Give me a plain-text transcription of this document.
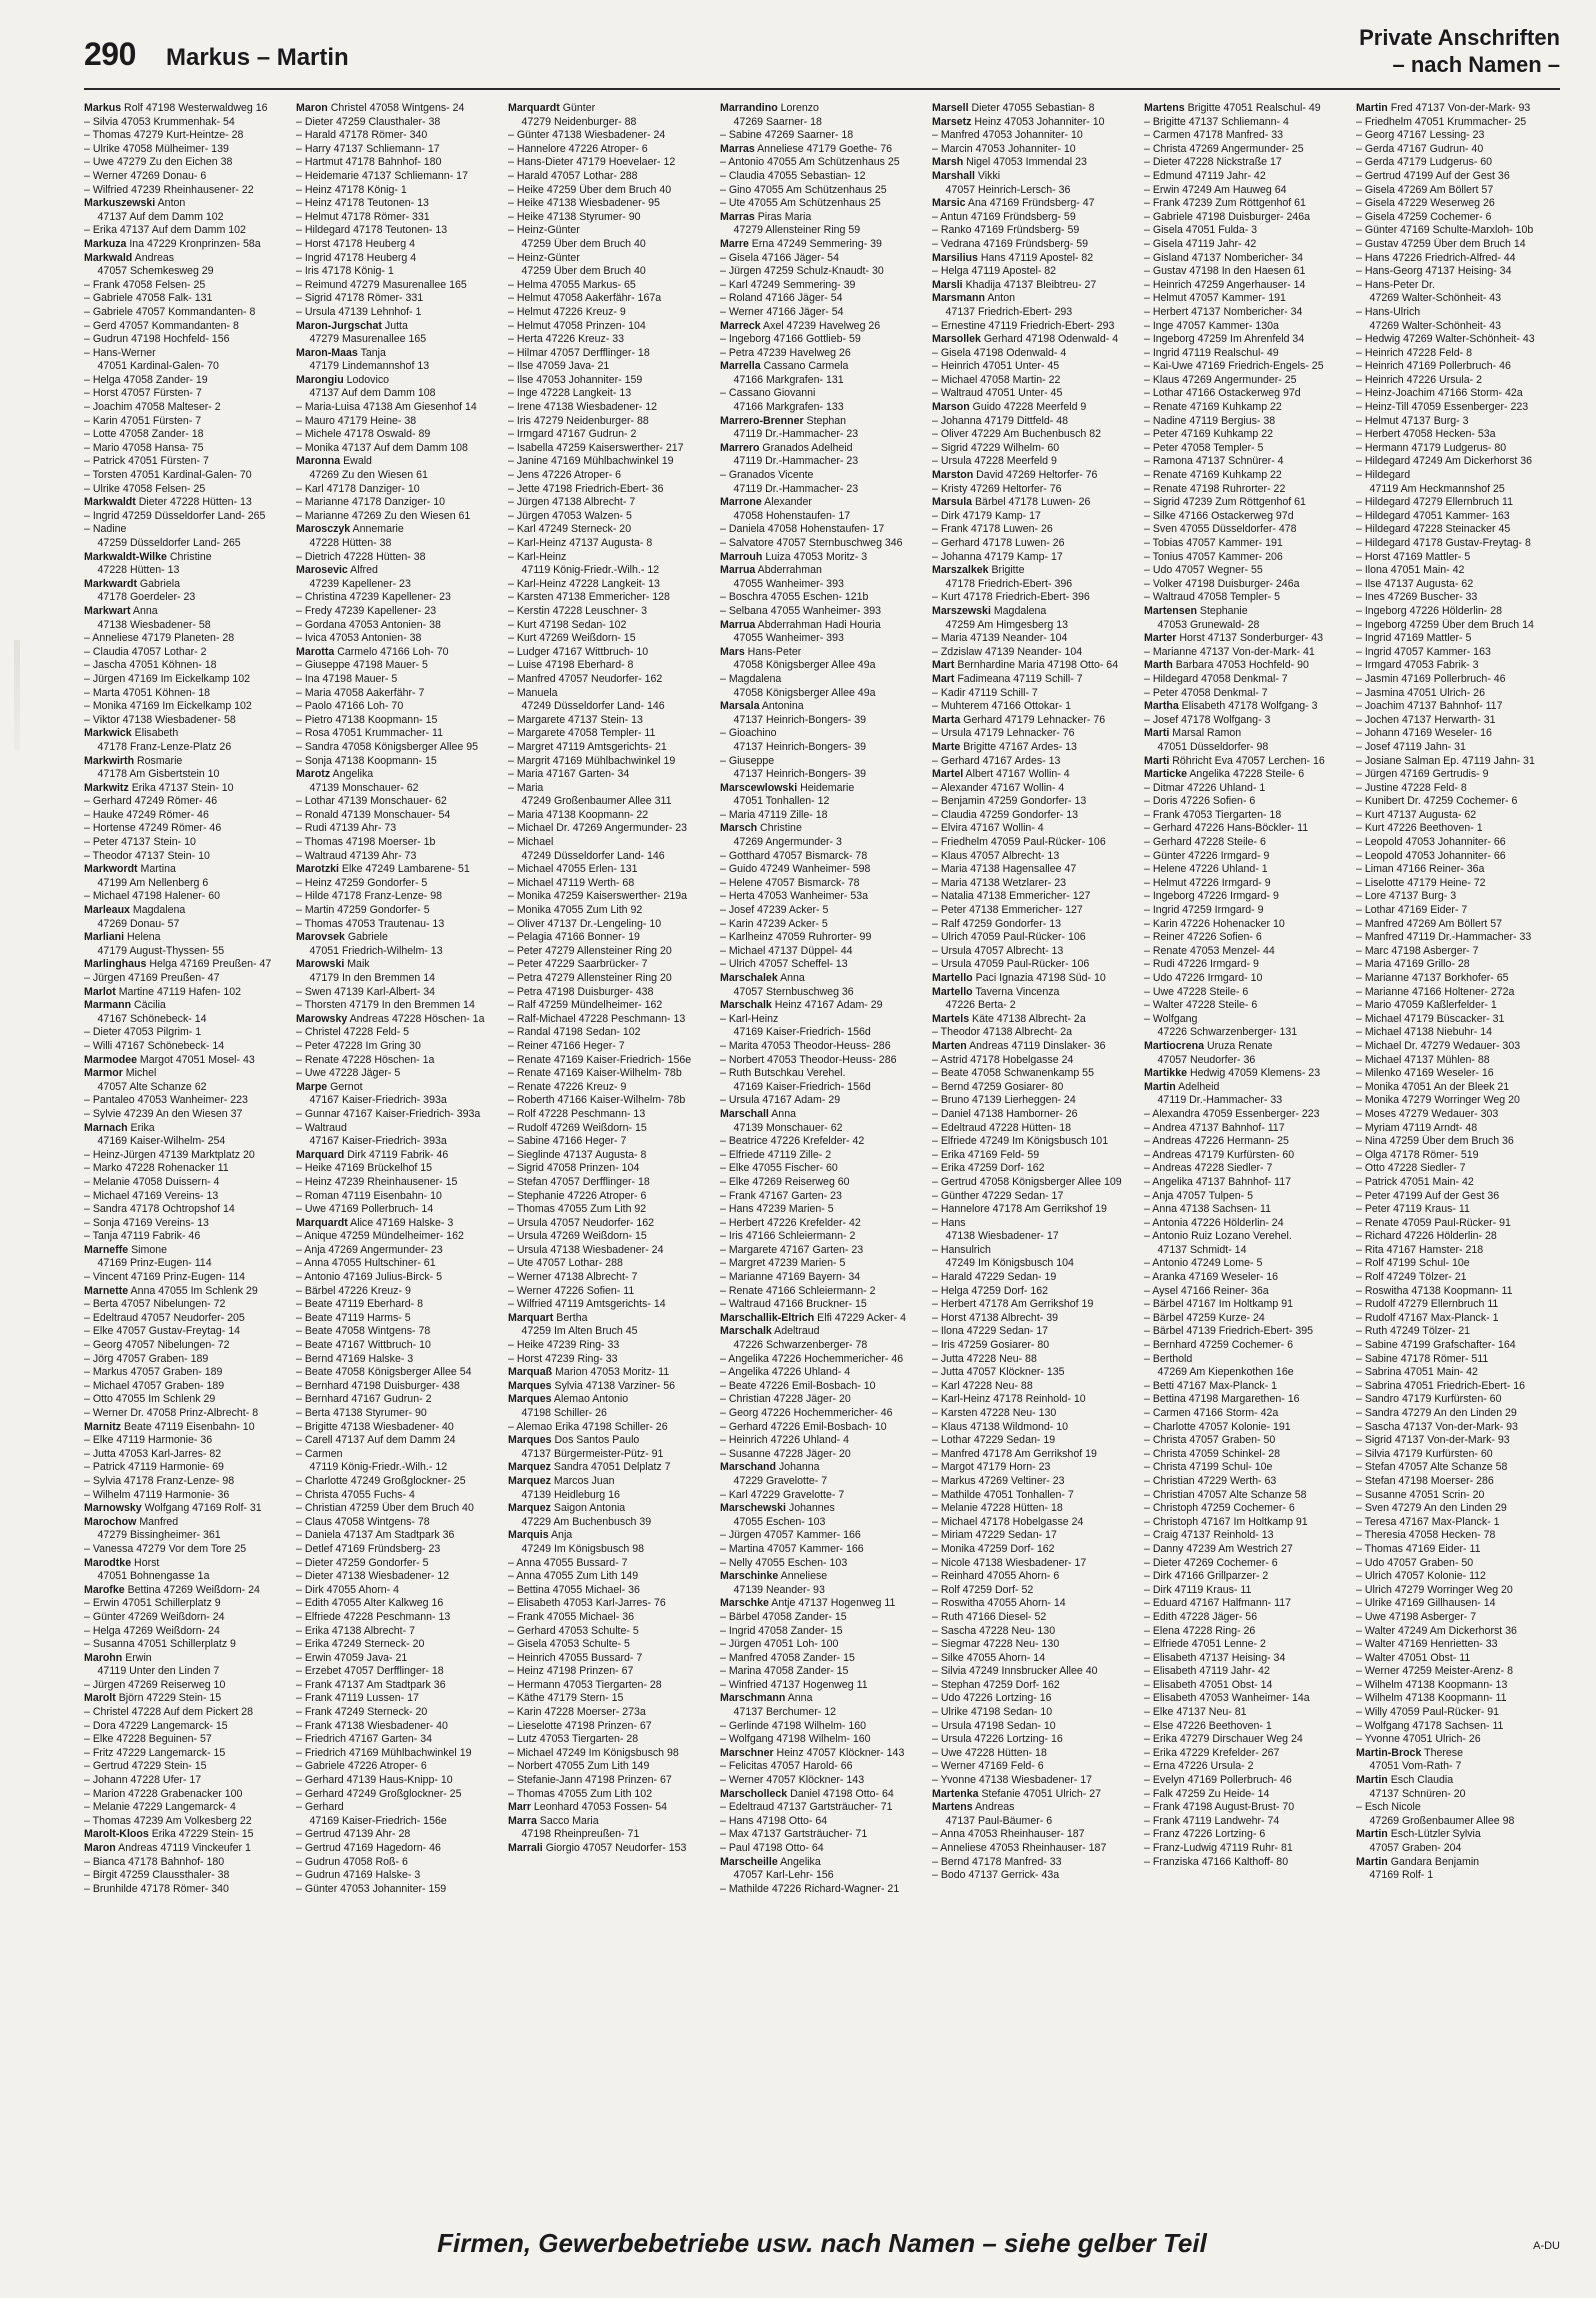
290 Markus – Martin
Private Anschriften
– nach Namen –
Markus Rolf 47198 Westerwaldweg 16
– Silvia 47053 Krummenhak- 54
– Thomas 47279 Kurt-Heintze- 28
– Ulrike 47058 Mülheimer- 139
– Uwe 47279 Zu den Eichen 38
– Werner 47269 Donau- 6
– Wilfried 47239 Rheinhausener- 22
Markuszewski Anton
  47137 Auf dem Damm 102
– Erika 47137 Auf dem Damm 102
Markuza Ina 47229 Kronprinzen- 58a
Markwald Andreas
  47057 Schemkesweg 29
– Frank 47058 Felsen- 25
– Gabriele 47058 Falk- 131
– Gabriele 47057 Kommandanten- 8
– Gerd 47057 Kommandanten- 8
– Gudrun 47198 Hochfeld- 156
– Hans-Werner
  47051 Kardinal-Galen- 70
– Helga 47058 Zander- 19
– Horst 47057 Fürsten- 7
– Joachim 47058 Malteser- 2
– Karin 47051 Fürsten- 7
– Lotte 47058 Zander- 18
– Mario 47058 Hansa- 75
– Patrick 47051 Fürsten- 7
– Torsten 47051 Kardinal-Galen- 70
– Ulrike 47058 Felsen- 25
Markwaldt Dieter 47228 Hütten- 13
– Ingrid 47259 Düsseldorfer Land- 265
– Nadine
  47259 Düsseldorfer Land- 265
Markwaldt-Wilke Christine
  47228 Hütten- 13
Markwardt Gabriela
  47178 Goerdeler- 23
Markwart Anna
  47138 Wiesbadener- 58
– Anneliese 47179 Planeten- 28
– Claudia 47057 Lothar- 2
– Jascha 47051 Köhnen- 18
– Jürgen 47169 Im Eickelkamp 102
– Marta 47051 Köhnen- 18
– Monika 47169 Im Eickelkamp 102
– Viktor 47138 Wiesbadener- 58
Markwick Elisabeth
  47178 Franz-Lenze-Platz 26
Markwirth Rosmarie
  47178 Am Gisbertstein 10
Markwitz Erika 47137 Stein- 10
– Gerhard 47249 Römer- 46
– Hauke 47249 Römer- 46
– Hortense 47249 Römer- 46
– Peter 47137 Stein- 10
– Theodor 47137 Stein- 10
Markwordt Martina
  47199 Am Nellenberg 6
– Michael 47198 Halener- 60
Marleaux Magdalena
  47269 Donau- 57
Marliani Helena
  47179 August-Thyssen- 55
Marlinghaus Helga 47169 Preußen- 47
– Jürgen 47169 Preußen- 47
Marlot Martine 47119 Hafen- 102
Marmann Cäcilia
  47167 Schönebeck- 14
– Dieter 47053 Pilgrim- 1
– Willi 47167 Schönebeck- 14
Marmodee Margot 47051 Mosel- 43
Marmor Michel
  47057 Alte Schanze 62
– Pantaleo 47053 Wanheimer- 223
– Sylvie 47239 An den Wiesen 37
Marnach Erika
  47169 Kaiser-Wilhelm- 254
– Heinz-Jürgen 47139 Marktplatz 20
– Marko 47228 Rohenacker 11
– Melanie 47058 Duissern- 4
– Michael 47169 Vereins- 13
– Sandra 47178 Ochtropshof 14
– Sonja 47169 Vereins- 13
– Tanja 47119 Fabrik- 46
Marneffe Simone
  47169 Prinz-Eugen- 114
– Vincent 47169 Prinz-Eugen- 114
Marnette Anna 47055 Im Schlenk 29
– Berta 47057 Nibelungen- 72
– Edeltraud 47057 Neudorfer- 205
– Elke 47057 Gustav-Freytag- 14
– Georg 47057 Nibelungen- 72
– Jörg 47057 Graben- 189
– Markus 47057 Graben- 189
– Michael 47057 Graben- 189
– Otto 47055 Im Schlenk 29
– Werner Dr. 47058 Prinz-Albrecht- 8
Marnitz Beate 47119 Eisenbahn- 10
– Elke 47119 Harmonie- 36
– Jutta 47053 Karl-Jarres- 82
– Patrick 47119 Harmonie- 69
– Sylvia 47178 Franz-Lenze- 98
– Wilhelm 47119 Harmonie- 36
Marnowsky Wolfgang 47169 Rolf- 31
Marochow Manfred
  47279 Bissingheimer- 361
– Vanessa 47279 Vor dem Tore 25
Marodtke Horst
  47051 Bohnengasse 1a
Marofke Bettina 47269 Weißdorn- 24
– Erwin 47051 Schillerplatz 9
– Günter 47269 Weißdorn- 24
– Helga 47269 Weißdorn- 24
– Susanna 47051 Schillerplatz 9
Marohn Erwin
  47119 Unter den Linden 7
– Jürgen 47269 Reiserweg 10
Marolt Björn 47229 Stein- 15
– Christel 47228 Auf dem Pickert 28
– Dora 47229 Langemarck- 15
– Elke 47228 Beguinen- 57
– Fritz 47229 Langemarck- 15
– Gertrud 47229 Stein- 15
– Johann 47228 Ufer- 17
– Marion 47228 Grabenacker 100
– Melanie 47229 Langemarck- 4
– Thomas 47239 Am Volkesberg 22
Marolt-Kloos Erika 47229 Stein- 15
Maron Andreas 47119 Vinckeufer 1
– Bianca 47178 Bahnhof- 180
– Birgit 47259 Claussthaler- 38
– Brunhilde 47178 Römer- 340
Maron Christel 47058 Wintgens- 24
– Dieter 47259 Clausthaler- 38
– Harald 47178 Römer- 340
– Harry 47137 Schliemann- 17
– Hartmut 47178 Bahnhof- 180
– Heidemarie 47137 Schliemann- 17
– Heinz 47178 König- 1
– Heinz 47178 Teutonen- 13
– Helmut 47178 Römer- 331
– Hildegard 47178 Teutonen- 13
– Horst 47178 Heuberg 4
– Ingrid 47178 Heuberg 4
– Iris 47178 König- 1
– Reimund 47279 Masurenallee 165
– Sigrid 47178 Römer- 331
– Ursula 47139 Lehnhof- 1
Maron-Jurgschat Jutta
  47279 Masurenallee 165
Maron-Maas Tanja
  47179 Lindemannshof 13
Marongiu Lodovico
  47137 Auf dem Damm 108
– Maria-Luisa 47138 Am Giesenhof 14
– Mauro 47179 Heine- 38
– Michele 47178 Oswald- 89
– Monika 47137 Auf dem Damm 108
Maronna Ewald
  47269 Zu den Wiesen 61
– Karl 47178 Danziger- 10
– Marianne 47178 Danziger- 10
– Marianne 47269 Zu den Wiesen 61
Marosczyk Annemarie
  47228 Hütten- 38
– Dietrich 47228 Hütten- 38
Marosevic Alfred
  47239 Kapellener- 23
– Christina 47239 Kapellener- 23
– Fredy 47239 Kapellener- 23
– Gordana 47053 Antonien- 38
– Ivica 47053 Antonien- 38
Marotta Carmelo 47166 Loh- 70
– Giuseppe 47198 Mauer- 5
– Ina 47198 Mauer- 5
– Maria 47058 Aakerfähr- 7
– Paolo 47166 Loh- 70
– Pietro 47138 Koopmann- 15
– Rosa 47051 Krummacher- 11
– Sandra 47058 Königsberger Allee 95
– Sonja 47138 Koopmann- 15
Marotz Angelika
  47139 Monschauer- 62
– Lothar 47139 Monschauer- 62
– Ronald 47139 Monschauer- 54
– Rudi 47139 Ahr- 73
– Thomas 47198 Moerser- 1b
– Waltraud 47139 Ahr- 73
Marotzki Elke 47249 Lambarene- 51
– Heinz 47259 Gondorfer- 5
– Hilde 47178 Franz-Lenze- 98
– Martin 47259 Gondorfer- 5
– Thomas 47053 Trautenau- 13
Marovsek Gabriele
  47051 Friedrich-Wilhelm- 13
Marowski Maik
  47179 In den Bremmen 14
– Swen 47139 Karl-Albert- 34
– Thorsten 47179 In den Bremmen 14
Marowsky Andreas 47228 Höschen- 1a
– Christel 47228 Feld- 5
– Peter 47228 Im Gring 30
– Renate 47228 Höschen- 1a
– Uwe 47228 Jäger- 5
Marpe Gernot
  47167 Kaiser-Friedrich- 393a
– Gunnar 47167 Kaiser-Friedrich- 393a
– Waltraud
  47167 Kaiser-Friedrich- 393a
Marquard Dirk 47119 Fabrik- 46
– Heike 47169 Brückelhof 15
– Heinz 47239 Rheinhausener- 15
– Roman 47119 Eisenbahn- 10
– Uwe 47169 Pollerbruch- 14
Marquardt Alice 47169 Halske- 3
– Anique 47259 Mündelheimer- 162
– Anja 47269 Angermunder- 23
– Anna 47055 Hultschiner- 61
– Antonio 47169 Julius-Birck- 5
– Bärbel 47226 Kreuz- 9
– Beate 47119 Eberhard- 8
– Beate 47119 Harms- 5
– Beate 47058 Wintgens- 78
– Beate 47167 Wittbruch- 10
– Bernd 47169 Halske- 3
– Beate 47058 Königsberger Allee 54
– Bernhard 47198 Duisburger- 438
– Bernhard 47167 Gudrun- 2
– Berta 47138 Styrumer- 90
– Brigitte 47138 Wiesbadener- 40
– Carell 47137 Auf dem Damm 24
– Carmen
  47119 König-Friedr.-Wilh.- 12
– Charlotte 47249 Großglockner- 25
– Christa 47055 Fuchs- 4
– Christian 47259 Über dem Bruch 40
– Claus 47058 Wintgens- 78
– Daniela 47137 Am Stadtpark 36
– Detlef 47169 Fründsberg- 23
– Dieter 47259 Gondorfer- 5
– Dieter 47138 Wiesbadener- 12
– Dirk 47055 Ahorn- 4
– Edith 47055 Alter Kalkweg 16
– Elfriede 47228 Peschmann- 13
– Erika 47138 Albrecht- 7
– Erika 47249 Sterneck- 20
– Erwin 47059 Java- 21
– Erzebet 47057 Derfflinger- 18
– Frank 47137 Am Stadtpark 36
– Frank 47119 Lussen- 17
– Frank 47249 Sterneck- 20
– Frank 47138 Wiesbadener- 40
– Friedrich 47167 Garten- 34
– Friedrich 47169 Mühlbachwinkel 19
– Gabriele 47226 Atroper- 6
– Gerhard 47139 Haus-Knipp- 10
– Gerhard 47249 Großglockner- 25
– Gerhard
  47169 Kaiser-Friedrich- 156e
– Gertrud 47139 Ahr- 28
– Gertrud 47169 Hagedorn- 46
– Gudrun 47058 Roß- 6
– Gudrun 47169 Halske- 3
– Günter 47053 Johanniter- 159
Marquardt Günter
  47279 Neidenburger- 88
– Günter 47138 Wiesbadener- 24
– Hannelore 47226 Atroper- 6
– Hans-Dieter 47179 Hoevelaer- 12
– Harald 47057 Lothar- 288
– Heike 47259 Über dem Bruch 40
– Heike 47138 Wiesbadener- 95
– Heike 47138 Styrumer- 90
– Heinz-Günter
  47259 Über dem Bruch 40
– Heinz-Günter
  47259 Über dem Bruch 40
– Helma 47055 Markus- 65
– Helmut 47058 Aakerfähr- 167a
– Helmut 47226 Kreuz- 9
– Helmut 47058 Prinzen- 104
– Herta 47226 Kreuz- 33
– Hilmar 47057 Derfflinger- 18
– Ilse 47059 Java- 21
– Ilse 47053 Johanniter- 159
– Inge 47228 Langkeit- 13
– Irene 47138 Wiesbadener- 12
– Iris 47279 Neidenburger- 88
– Irmgard 47167 Gudrun- 2
– Isabella 47259 Kaiserswerther- 217
– Janine 47169 Mühlbachwinkel 19
– Jens 47226 Atroper- 6
– Jette 47198 Friedrich-Ebert- 36
– Jürgen 47138 Albrecht- 7
– Jürgen 47053 Walzen- 5
– Karl 47249 Sterneck- 20
– Karl-Heinz 47137 Augusta- 8
– Karl-Heinz
  47119 König-Friedr.-Wilh.- 12
– Karl-Heinz 47228 Langkeit- 13
– Karsten 47138 Emmericher- 128
– Kerstin 47228 Leuschner- 3
– Kurt 47198 Sedan- 102
– Kurt 47269 Weißdorn- 15
– Ludger 47167 Wittbruch- 10
– Luise 47198 Eberhard- 8
– Manfred 47057 Neudorfer- 162
– Manuela
  47249 Düsseldorfer Land- 146
– Margarete 47137 Stein- 13
– Margarete 47058 Templer- 11
– Margret 47119 Amtsgerichts- 21
– Margrit 47169 Mühlbachwinkel 19
– Maria 47167 Garten- 34
– Maria
  47249 Großenbaumer Allee 311
– Maria 47138 Koopmann- 22
– Michael Dr. 47269 Angermunder- 23
– Michael
  47249 Düsseldorfer Land- 146
– Michael 47055 Erlen- 131
– Michael 47119 Werth- 68
– Monika 47259 Kaiserswerther- 219a
– Monika 47055 Zum Lith 92
– Oliver 47137 Dr.-Lengeling- 10
– Pelagia 47166 Bonner- 19
– Peter 47279 Allensteiner Ring 20
– Peter 47229 Saarbrücker- 7
– Petra 47279 Allensteiner Ring 20
– Petra 47198 Duisburger- 438
– Ralf 47259 Mündelheimer- 162
– Ralf-Michael 47228 Peschmann- 13
– Randal 47198 Sedan- 102
– Reiner 47166 Heger- 7
– Renate 47169 Kaiser-Friedrich- 156e
– Renate 47169 Kaiser-Wilhelm- 78b
– Renate 47226 Kreuz- 9
– Roberth 47166 Kaiser-Wilhelm- 78b
– Rolf 47228 Peschmann- 13
– Rudolf 47269 Weißdorn- 15
– Sabine 47166 Heger- 7
– Sieglinde 47137 Augusta- 8
– Sigrid 47058 Prinzen- 104
– Stefan 47057 Derfflinger- 18
– Stephanie 47226 Atroper- 6
– Thomas 47055 Zum Lith 92
– Ursula 47057 Neudorfer- 162
– Ursula 47269 Weißdorn- 15
– Ursula 47138 Wiesbadener- 24
– Ute 47057 Lothar- 288
– Werner 47138 Albrecht- 7
– Werner 47226 Sofien- 11
– Wilfried 47119 Amtsgerichts- 14
Marquart Bertha
  47259 Im Alten Bruch 45
– Heike 47239 Ring- 33
– Horst 47239 Ring- 33
Marquaß Marion 47053 Moritz- 11
Marques Sylvia 47138 Varziner- 56
Marques Alemao Antonio
  47198 Schiller- 26
– Alemao Erika 47198 Schiller- 26
Marques Dos Santos Paulo
  47137 Bürgermeister-Pütz- 91
Marquez Sandra 47051 Delplatz 7
Marquez Marcos Juan
  47139 Heidleburg 16
Marquez Saigon Antonia
  47229 Am Buchenbusch 39
Marquis Anja
  47249 Im Königsbusch 98
– Anna 47055 Bussard- 7
– Anna 47055 Zum Lith 149
– Bettina 47055 Michael- 36
– Elisabeth 47053 Karl-Jarres- 76
– Frank 47055 Michael- 36
– Gerhard 47053 Schulte- 5
– Gisela 47053 Schulte- 5
– Heinrich 47055 Bussard- 7
– Heinz 47198 Prinzen- 67
– Hermann 47053 Tiergarten- 28
– Käthe 47179 Stern- 15
– Karin 47228 Moerser- 273a
– Lieselotte 47198 Prinzen- 67
– Lutz 47053 Tiergarten- 28
– Michael 47249 Im Königsbusch 98
– Norbert 47055 Zum Lith 149
– Stefanie-Jann 47198 Prinzen- 67
– Thomas 47055 Zum Lith 102
Marr Leonhard 47053 Fossen- 54
Marra Sacco Maria
  47198 Rheinpreußen- 71
Marrali Giorgio 47057 Neudorfer- 153
Marrandino Lorenzo
  47269 Saarner- 18
– Sabine 47269 Saarner- 18
Marras Anneliese 47179 Goethe- 76
– Antonio 47055 Am Schützenhaus 25
– Claudia 47055 Sebastian- 12
– Gino 47055 Am Schützenhaus 25
– Ute 47055 Am Schützenhaus 25
Marras Piras Maria
  47279 Allensteiner Ring 59
Marre Erna 47249 Semmering- 39
– Gisela 47166 Jäger- 54
– Jürgen 47259 Schulz-Knaudt- 30
– Karl 47249 Semmering- 39
– Roland 47166 Jäger- 54
– Werner 47166 Jäger- 54
Marreck Axel 47239 Havelweg 26
– Ingeborg 47166 Gottlieb- 59
– Petra 47239 Havelweg 26
Marrella Cassano Carmela
  47166 Markgrafen- 131
– Cassano Giovanni
  47166 Markgrafen- 133
Marrero-Brenner Stephan
  47119 Dr.-Hammacher- 23
Marrero Granados Adelheid
  47119 Dr.-Hammacher- 23
– Granados Vicente
  47119 Dr.-Hammacher- 23
Marrone Alexander
  47058 Hohenstaufen- 17
– Daniela 47058 Hohenstaufen- 17
– Salvatore 47057 Sternbuschweg 346
Marrouh Luiza 47053 Moritz- 3
Marrua Abderrahman
  47055 Wanheimer- 393
– Boschra 47055 Eschen- 121b
– Selbana 47055 Wanheimer- 393
Marrua Abderrahman Hadi Houria
  47055 Wanheimer- 393
Mars Hans-Peter
  47058 Königsberger Allee 49a
– Magdalena
  47058 Königsberger Allee 49a
Marsala Antonina
  47137 Heinrich-Bongers- 39
– Gioachino
  47137 Heinrich-Bongers- 39
– Giuseppe
  47137 Heinrich-Bongers- 39
Marscewlowski Heidemarie
  47051 Tonhallen- 12
– Maria 47119 Zille- 18
Marsch Christine
  47269 Angermunder- 3
– Gotthard 47057 Bismarck- 78
– Guido 47249 Wanheimer- 598
– Helene 47057 Bismarck- 78
– Herta 47053 Wanheimer- 53a
– Josef 47239 Acker- 5
– Karin 47239 Acker- 5
– Karlheinz 47059 Ruhrorter- 99
– Michael 47137 Düppel- 44
– Ulrich 47057 Scheffel- 13
Marschalek Anna
  47057 Sternbuschweg 36
Marschalk Heinz 47167 Adam- 29
– Karl-Heinz
  47169 Kaiser-Friedrich- 156d
– Marita 47053 Theodor-Heuss- 286
– Norbert 47053 Theodor-Heuss- 286
– Ruth Butschkau Verehel.
  47169 Kaiser-Friedrich- 156d
– Ursula 47167 Adam- 29
Marschall Anna
  47139 Monschauer- 62
– Beatrice 47226 Krefelder- 42
– Elfriede 47119 Zille- 2
– Elke 47055 Fischer- 60
– Elke 47269 Reiserweg 60
– Frank 47167 Garten- 23
– Hans 47239 Marien- 5
– Herbert 47226 Krefelder- 42
– Iris 47166 Schleiermann- 2
– Margarete 47167 Garten- 23
– Margret 47239 Marien- 5
– Marianne 47169 Bayern- 34
– Renate 47166 Schleiermann- 2
– Waltraud 47166 Bruckner- 15
Marschallik-Eltrich Elfi 47229 Acker- 4
Marschalk Adeltraud
  47226 Schwarzenberger- 78
– Angelika 47226 Hochemmericher- 46
– Angelika 47226 Uhland- 4
– Beate 47226 Emil-Bosbach- 10
– Christian 47228 Jäger- 20
– Georg 47226 Hochemmericher- 46
– Gerhard 47226 Emil-Bosbach- 10
– Heinrich 47226 Uhland- 4
– Susanne 47228 Jäger- 20
Marschand Johanna
  47229 Gravelotte- 7
– Karl 47229 Gravelotte- 7
Marschewski Johannes
  47055 Eschen- 103
– Jürgen 47057 Kammer- 166
– Martina 47057 Kammer- 166
– Nelly 47055 Eschen- 103
Marschinke Anneliese
  47139 Neander- 93
Marschke Antje 47137 Hogenweg 11
– Bärbel 47058 Zander- 15
– Ingrid 47058 Zander- 15
– Jürgen 47051 Loh- 100
– Manfred 47058 Zander- 15
– Marina 47058 Zander- 15
– Winfried 47137 Hogenweg 11
Marschmann Anna
  47137 Berchumer- 12
– Gerlinde 47198 Wilhelm- 160
– Wolfgang 47198 Wilhelm- 160
Marschner Heinz 47057 Klöckner- 143
– Felicitas 47057 Harold- 66
– Werner 47057 Klöckner- 143
Marscholleck Daniel 47198 Otto- 64
– Edeltraud 47137 Gartsträucher- 71
– Hans 47198 Otto- 64
– Max 47137 Gartsträucher- 71
– Paul 47198 Otto- 64
Marscheille Angelika
  47057 Karl-Lehr- 156
– Mathilde 47226 Richard-Wagner- 21
Marsell Dieter 47055 Sebastian- 8
Marsetz Heinz 47053 Johanniter- 10
– Manfred 47053 Johanniter- 10
– Marcin 47053 Johanniter- 10
Marsh Nigel 47053 Immendal 23
Marshall Vikki
  47057 Heinrich-Lersch- 36
Marsic Ana 47169 Fründsberg- 47
– Antun 47169 Fründsberg- 59
– Ranko 47169 Fründsberg- 59
– Vedrana 47169 Fründsberg- 59
Marsilius Hans 47119 Apostel- 82
– Helga 47119 Apostel- 82
Marsli Khadija 47137 Bleibtreu- 27
Marsmann Anton
  47137 Friedrich-Ebert- 293
– Ernestine 47119 Friedrich-Ebert- 293
Marsollek Gerhard 47198 Odenwald- 4
– Gisela 47198 Odenwald- 4
– Heinrich 47051 Unter- 45
– Michael 47058 Martin- 22
– Waltraud 47051 Unter- 45
Marson Guido 47228 Meerfeld 9
– Johanna 47179 Dittfeld- 48
– Oliver 47229 Am Buchenbusch 82
– Sigrid 47229 Wilhelm- 60
– Ursula 47228 Meerfeld 9
Marston David 47269 Heltorfer- 76
– Kristy 47269 Heltorfer- 76
Marsula Bärbel 47178 Luwen- 26
– Dirk 47179 Kamp- 17
– Frank 47178 Luwen- 26
– Gerhard 47178 Luwen- 26
– Johanna 47179 Kamp- 17
Marszalkek Brigitte
  47178 Friedrich-Ebert- 396
– Kurt 47178 Friedrich-Ebert- 396
Marszewski Magdalena
  47259 Am Himgesberg 13
– Maria 47139 Neander- 104
– Zdzislaw 47139 Neander- 104
Mart Bernhardine Maria 47198 Otto- 64
Mart Fadimeana 47119 Schill- 7
– Kadir 47119 Schill- 7
– Muhterem 47166 Ottokar- 1
Marta Gerhard 47179 Lehnacker- 76
– Ursula 47179 Lehnacker- 76
Marte Brigitte 47167 Ardes- 13
– Gerhard 47167 Ardes- 13
Martel Albert 47167 Wollin- 4
– Alexander 47167 Wollin- 4
– Benjamin 47259 Gondorfer- 13
– Claudia 47259 Gondorfer- 13
– Elvira 47167 Wollin- 4
– Friedhelm 47059 Paul-Rücker- 106
– Klaus 47057 Albrecht- 13
– Maria 47138 Hagensallee 47
– Maria 47138 Wetzlarer- 23
– Natalia 47138 Emmericher- 127
– Peter 47138 Emmericher- 127
– Ralf 47259 Gondorfer- 13
– Ulrich 47059 Paul-Rücker- 106
– Ursula 47057 Albrecht- 13
– Ursula 47059 Paul-Rücker- 106
Martello Paci Ignazia 47198 Süd- 10
Martello Taverna Vincenza
  47226 Berta- 2
Martels Käte 47138 Albrecht- 2a
– Theodor 47138 Albrecht- 2a
Marten Andreas 47119 Dinslaker- 36
– Astrid 47178 Hobelgasse 24
– Beate 47058 Schwanenkamp 55
– Bernd 47259 Gosiarer- 80
– Bruno 47139 Lierheggen- 24
– Daniel 47138 Hamborner- 26
– Edeltraud 47228 Hütten- 18
– Elfriede 47249 Im Königsbusch 101
– Erika 47169 Feld- 59
– Erika 47259 Dorf- 162
– Gertrud 47058 Königsberger Allee 109
– Günther 47229 Sedan- 17
– Hannelore 47178 Am Gerrikshof 19
– Hans
  47138 Wiesbadener- 17
– Hansulrich
  47249 Im Königsbusch 104
– Harald 47229 Sedan- 19
– Helga 47259 Dorf- 162
– Herbert 47178 Am Gerrikshof 19
– Horst 47138 Albrecht- 39
– Ilona 47229 Sedan- 17
– Iris 47259 Gosiarer- 80
– Jutta 47228 Neu- 88
– Jutta 47057 Klöckner- 135
– Karl 47228 Neu- 88
– Karl-Heinz 47178 Reinhold- 10
– Karsten 47228 Neu- 130
– Klaus 47138 Wildmond- 10
– Lothar 47229 Sedan- 19
– Manfred 47178 Am Gerrikshof 19
– Margot 47179 Horn- 23
– Markus 47269 Veltiner- 23
– Mathilde 47051 Tonhallen- 7
– Melanie 47228 Hütten- 18
– Michael 47178 Hobelgasse 24
– Miriam 47229 Sedan- 17
– Monika 47259 Dorf- 162
– Nicole 47138 Wiesbadener- 17
– Reinhard 47055 Ahorn- 6
– Rolf 47259 Dorf- 52
– Roswitha 47055 Ahorn- 14
– Ruth 47166 Diesel- 52
– Sascha 47228 Neu- 130
– Siegmar 47228 Neu- 130
– Silke 47055 Ahorn- 14
– Silvia 47249 Innsbrucker Allee 40
– Stephan 47259 Dorf- 162
– Udo 47226 Lortzing- 16
– Ulrike 47198 Sedan- 10
– Ursula 47198 Sedan- 10
– Ursula 47226 Lortzing- 16
– Uwe 47228 Hütten- 18
– Werner 47169 Feld- 6
– Yvonne 47138 Wiesbadener- 17
Martenka Stefanie 47051 Ulrich- 27
Martens Andreas
  47137 Paul-Bäumer- 6
– Anna 47053 Rheinhauser- 187
– Anneliese 47053 Rheinhauser- 187
– Bernd 47178 Manfred- 33
– Bodo 47137 Gerrick- 43a
Martens Brigitte 47051 Realschul- 49
– Brigitte 47137 Schliemann- 4
– Carmen 47178 Manfred- 33
– Christa 47269 Angermunder- 25
– Dieter 47228 Nickstraße 17
– Edmund 47119 Jahr- 42
– Erwin 47249 Am Hauweg 64
– Frank 47239 Zum Röttgenhof 61
– Gabriele 47198 Duisburger- 246a
– Gisela 47051 Fulda- 3
– Gisela 47119 Jahr- 42
– Gisland 47137 Nombericher- 34
– Gustav 47198 In den Haesen 61
– Heinrich 47259 Angerhauser- 14
– Helmut 47057 Kammer- 191
– Herbert 47137 Nombericher- 34
– Inge 47057 Kammer- 130a
– Ingeborg 47259 Im Ahrenfeld 34
– Ingrid 47119 Realschul- 49
– Kai-Uwe 47169 Friedrich-Engels- 25
– Klaus 47269 Angermunder- 25
– Lothar 47166 Ostackerweg 97d
– Renate 47169 Kuhkamp 22
– Nadine 47119 Bergius- 38
– Peter 47169 Kuhkamp 22
– Peter 47058 Templer- 5
– Ramona 47137 Schnürer- 4
– Renate 47169 Kuhkamp 22
– Renate 47198 Ruhrorter- 22
– Sigrid 47239 Zum Röttgenhof 61
– Silke 47166 Ostackerweg 97d
– Sven 47055 Düsseldorfer- 478
– Tobias 47057 Kammer- 191
– Tonius 47057 Kammer- 206
– Udo 47057 Wegner- 55
– Volker 47198 Duisburger- 246a
– Waltraud 47058 Templer- 5
Martensen Stephanie
  47053 Grunewald- 28
Marter Horst 47137 Sonderburger- 43
– Marianne 47137 Von-der-Mark- 41
Marth Barbara 47053 Hochfeld- 90
– Hildegard 47058 Denkmal- 7
– Peter 47058 Denkmal- 7
Martha Elisabeth 47178 Wolfgang- 3
– Josef 47178 Wolfgang- 3
Marti Marsal Ramon
  47051 Düsseldorfer- 98
Marti Röhricht Eva 47057 Lerchen- 16
Marticke Angelika 47228 Steile- 6
– Ditmar 47226 Uhland- 1
– Doris 47226 Sofien- 6
– Frank 47053 Tiergarten- 18
– Gerhard 47226 Hans-Böckler- 11
– Gerhard 47228 Steile- 6
– Günter 47226 Irmgard- 9
– Helene 47226 Uhland- 1
– Helmut 47226 Irmgard- 9
– Ingeborg 47226 Irmgard- 9
– Ingrid 47259 Irmgard- 9
– Karin 47226 Hohenacker 10
– Reiner 47226 Sofien- 6
– Renate 47053 Menzel- 44
– Rudi 47226 Irmgard- 9
– Udo 47226 Irmgard- 10
– Uwe 47228 Steile- 6
– Walter 47228 Steile- 6
– Wolfgang
  47226 Schwarzenberger- 131
Martiocrena Uruza Renate
  47057 Neudorfer- 36
Martikke Hedwig 47059 Klemens- 23
Martin Adelheid
  47119 Dr.-Hammacher- 33
– Alexandra 47059 Essenberger- 223
– Andrea 47137 Bahnhof- 117
– Andreas 47226 Hermann- 25
– Andreas 47179 Kurfürsten- 60
– Andreas 47228 Siedler- 7
– Angelika 47137 Bahnhof- 117
– Anja 47057 Tulpen- 5
– Anna 47138 Sachsen- 11
– Antonia 47226 Hölderlin- 24
– Antonio Ruiz Lozano Verehel.
  47137 Schmidt- 14
– Antonio 47249 Lome- 5
– Aranka 47169 Weseler- 16
– Aysel 47166 Reiner- 36a
– Bärbel 47167 Im Holtkamp 91
– Bärbel 47259 Kurze- 24
– Bärbel 47139 Friedrich-Ebert- 395
– Bernhard 47259 Cochemer- 6
– Berthold
  47269 Am Kiepenkothen 16e
– Betti 47167 Max-Planck- 1
– Bettina 47198 Margarethen- 16
– Carmen 47166 Storm- 42a
– Charlotte 47057 Kolonie- 191
– Christa 47057 Graben- 50
– Christa 47059 Schinkel- 28
– Christa 47199 Schul- 10e
– Christian 47229 Werth- 63
– Christian 47057 Alte Schanze 58
– Christoph 47259 Cochemer- 6
– Christoph 47167 Im Holtkamp 91
– Craig 47137 Reinhold- 13
– Danny 47239 Am Westrich 27
– Dieter 47269 Cochemer- 6
– Dirk 47166 Grillparzer- 2
– Dirk 47119 Kraus- 11
– Eduard 47167 Halfmann- 117
– Edith 47228 Jäger- 56
– Elena 47228 Ring- 26
– Elfriede 47051 Lenne- 2
– Elisabeth 47137 Heising- 34
– Elisabeth 47119 Jahr- 42
– Elisabeth 47051 Obst- 14
– Elisabeth 47053 Wanheimer- 14a
– Elke 47137 Neu- 81
– Else 47226 Beethoven- 1
– Erika 47279 Dirschauer Weg 24
– Erika 47229 Krefelder- 267
– Erna 47226 Ursula- 2
– Evelyn 47169 Pollerbruch- 46
– Falk 47259 Zu Heide- 14
– Frank 47198 August-Brust- 70
– Frank 47119 Landwehr- 74
– Franz 47226 Lortzing- 6
– Franz-Ludwig 47119 Ruhr- 81
– Franziska 47166 Kalthoff- 80
Martin Fred 47137 Von-der-Mark- 93
– Friedhelm 47051 Krummacher- 25
– Georg 47167 Lessing- 23
– Gerda 47167 Gudrun- 40
– Gerda 47179 Ludgerus- 60
– Gertrud 47199 Auf der Gest 36
– Gisela 47269 Am Böllert 57
– Gisela 47229 Weserweg 26
– Gisela 47259 Cochemer- 6
– Günter 47169 Schulte-Marxloh- 10b
– Gustav 47259 Über dem Bruch 14
– Hans 47226 Friedrich-Alfred- 44
– Hans-Georg 47137 Heising- 34
– Hans-Peter Dr.
  47269 Walter-Schönheit- 43
– Hans-Ulrich
  47269 Walter-Schönheit- 43
– Hedwig 47269 Walter-Schönheit- 43
– Heinrich 47228 Feld- 8
– Heinrich 47169 Pollerbruch- 46
– Heinrich 47226 Ursula- 2
– Heinz-Joachim 47166 Storm- 42a
– Heinz-Till 47059 Essenberger- 223
– Helmut 47137 Burg- 3
– Herbert 47058 Hecken- 53a
– Hermann 47179 Ludgerus- 80
– Hildegard 47249 Am Dickerhorst 36
– Hildegard
  47119 Am Heckmannshof 25
– Hildegard 47279 Ellernbruch 11
– Hildegard 47051 Kammer- 163
– Hildegard 47228 Steinacker 45
– Hildegard 47178 Gustav-Freytag- 8
– Horst 47169 Mattler- 5
– Ilona 47051 Main- 42
– Ilse 47137 Augusta- 62
– Ines 47269 Buscher- 33
– Ingeborg 47226 Hölderlin- 28
– Ingeborg 47259 Über dem Bruch 14
– Ingrid 47169 Mattler- 5
– Ingrid 47057 Kammer- 163
– Irmgard 47053 Fabrik- 3
– Jasmin 47169 Pollerbruch- 46
– Jasmina 47051 Ulrich- 26
– Joachim 47137 Bahnhof- 117
– Jochen 47137 Herwarth- 31
– Johann 47169 Weseler- 16
– Josef 47119 Jahn- 31
– Josiane Salman Ep. 47119 Jahn- 31
– Jürgen 47169 Gertrudis- 9
– Justine 47228 Feld- 8
– Kunibert Dr. 47259 Cochemer- 6
– Kurt 47137 Augusta- 62
– Kurt 47226 Beethoven- 1
– Leopold 47053 Johanniter- 66
– Leopold 47053 Johanniter- 66
– Liman 47166 Reiner- 36a
– Liselotte 47179 Heine- 72
– Lore 47137 Burg- 3
– Lothar 47169 Eider- 7
– Manfred 47269 Am Böllert 57
– Manfred 47119 Dr.-Hammacher- 33
– Marc 47198 Asberger- 7
– Maria 47169 Grillo- 28
– Marianne 47137 Borkhofer- 65
– Marianne 47166 Holtener- 272a
– Mario 47059 Kaßlerfelder- 1
– Michael 47179 Büscacker- 31
– Michael 47138 Niebuhr- 14
– Michael Dr. 47279 Wedauer- 303
– Michael 47137 Mühlen- 88
– Milenko 47169 Weseler- 16
– Monika 47051 An der Bleek 21
– Monika 47279 Worringer Weg 20
– Moses 47279 Wedauer- 303
– Myriam 47119 Arndt- 48
– Nina 47259 Über dem Bruch 36
– Olga 47178 Römer- 519
– Otto 47228 Siedler- 7
– Patrick 47051 Main- 42
– Peter 47199 Auf der Gest 36
– Peter 47119 Kraus- 11
– Renate 47059 Paul-Rücker- 91
– Richard 47226 Hölderlin- 28
– Rita 47167 Hamster- 218
– Rolf 47199 Schul- 10e
– Rolf 47249 Tölzer- 21
– Roswitha 47138 Koopmann- 11
– Rudolf 47279 Ellernbruch 11
– Rudolf 47167 Max-Planck- 1
– Ruth 47249 Tölzer- 21
– Sabine 47199 Grafschafter- 164
– Sabine 47178 Römer- 511
– Sabrina 47051 Main- 42
– Sabrina 47051 Friedrich-Ebert- 16
– Sandro 47179 Kurfürsten- 60
– Sandra 47279 An den Linden 29
– Sascha 47137 Von-der-Mark- 93
– Sigrid 47137 Von-der-Mark- 93
– Silvia 47179 Kurfürsten- 60
– Stefan 47057 Alte Schanze 58
– Stefan 47198 Moerser- 286
– Susanne 47051 Scrin- 20
– Sven 47279 An den Linden 29
– Teresa 47167 Max-Planck- 1
– Theresia 47058 Hecken- 78
– Thomas 47169 Eider- 11
– Udo 47057 Graben- 50
– Ulrich 47057 Kolonie- 112
– Ulrich 47279 Worringer Weg 20
– Ulrike 47169 Gillhausen- 14
– Uwe 47198 Asberger- 7
– Walter 47249 Am Dickerhorst 36
– Walter 47169 Henrietten- 33
– Walter 47051 Obst- 11
– Werner 47259 Meister-Arenz- 8
– Wilhelm 47138 Koopmann- 13
– Wilhelm 47138 Koopmann- 11
– Willy 47059 Paul-Rücker- 91
– Wolfgang 47178 Sachsen- 11
– Yvonne 47051 Ulrich- 26
Martin-Brock Therese
  47051 Vom-Rath- 7
Martin Esch Claudia
  47137 Schnüren- 20
– Esch Nicole
  47269 Großenbaumer Allee 98
Martin Esch-Lützler Sylvia
  47057 Graben- 204
Martin Gandara Benjamin
  47169 Rolf- 1
Firmen, Gewerbebetriebe usw. nach Namen – siehe gelber Teil	A-DU
